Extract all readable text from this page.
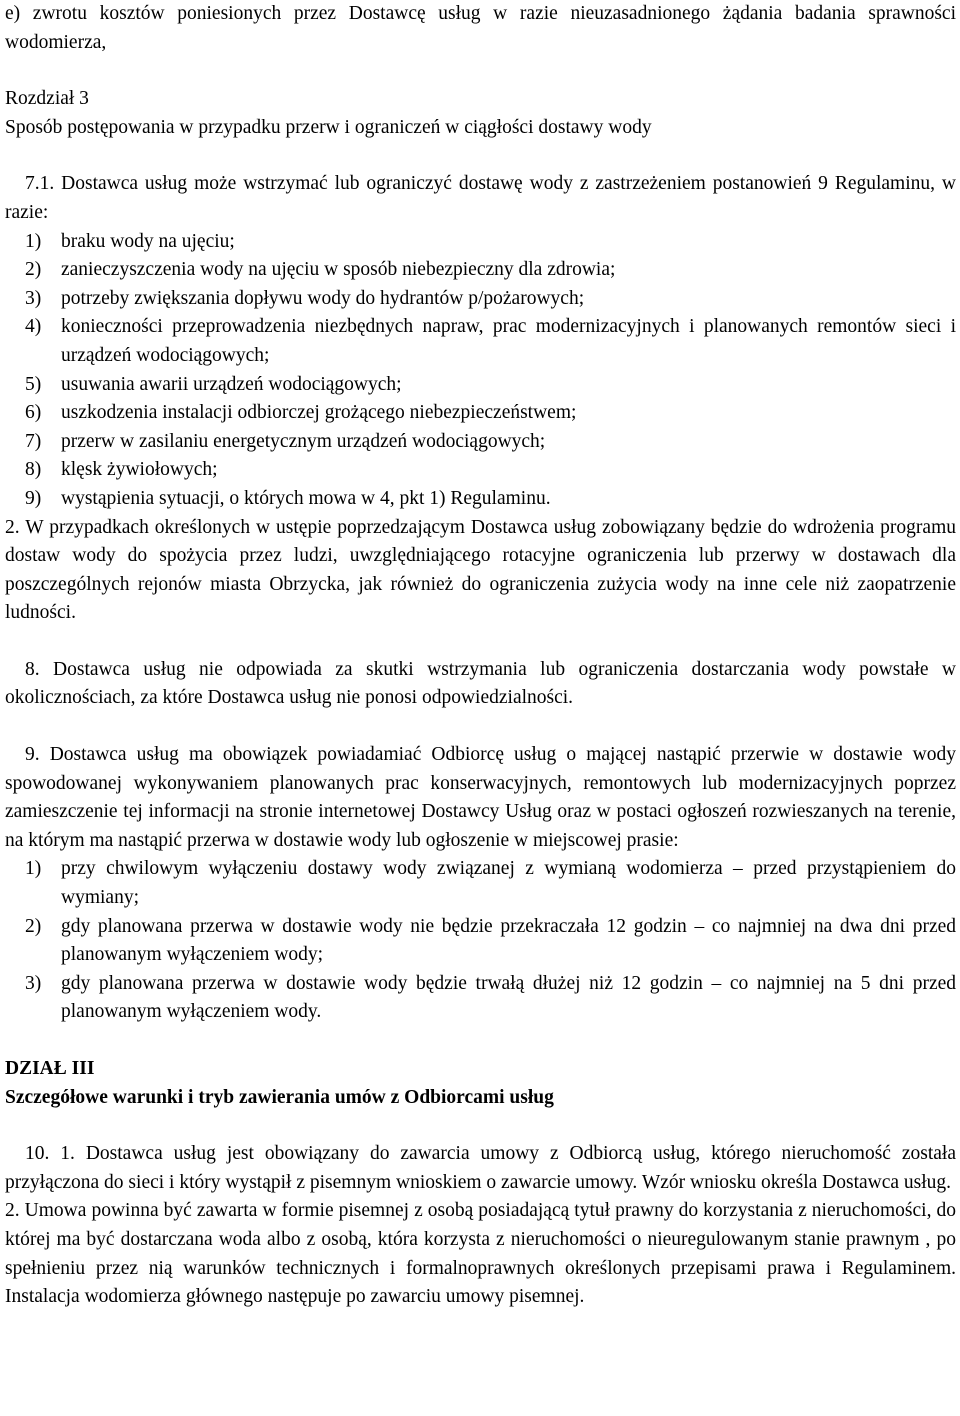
e) zwrotu kosztów poniesionych przez Dostawcę usług w razie nieuzasadnionego żądania badania sprawności wodomierza,

Rozdział 3

Sposób postępowania w przypadku przerw i ograniczeń w ciągłości dostawy wody

7.1. Dostawca usług może wstrzymać lub ograniczyć dostawę wody z zastrzeżeniem postanowień 9 Regulaminu, w razie:

1)	braku wody na ujęciu;
2)	zanieczyszczenia wody na ujęciu w sposób niebezpieczny dla zdrowia;
3)	potrzeby zwiększania dopływu wody do hydrantów p/pożarowych;
4)	konieczności przeprowadzenia niezbędnych napraw, prac modernizacyjnych i planowanych remontów sieci i urządzeń wodociągowych;
5)	usuwania awarii urządzeń wodociągowych;
6)	uszkodzenia instalacji odbiorczej grożącego niebezpieczeństwem;
7)	przerw w zasilaniu energetycznym urządzeń wodociągowych;
8)	klęsk żywiołowych;
9)	wystąpienia sytuacji, o których mowa w 4, pkt 1) Regulaminu.

2. W przypadkach określonych w ustępie poprzedzającym Dostawca usług zobowiązany będzie do wdrożenia programu dostaw wody do spożycia przez ludzi, uwzględniającego rotacyjne ograniczenia lub przerwy w dostawach dla poszczególnych rejonów miasta Obrzycka, jak również do ograniczenia zużycia wody na inne cele niż zaopatrzenie ludności.

8. Dostawca usług nie odpowiada za skutki wstrzymania lub ograniczenia dostarczania wody powstałe w okolicznościach, za które Dostawca usług nie ponosi odpowiedzialności.

9. Dostawca usług ma obowiązek powiadamiać Odbiorcę usług o mającej nastąpić przerwie w dostawie wody spowodowanej wykonywaniem planowanych prac konserwacyjnych, remontowych lub modernizacyjnych poprzez zamieszczenie tej informacji na stronie internetowej Dostawcy Usług oraz w postaci ogłoszeń rozwieszanych na terenie, na którym ma nastąpić przerwa w dostawie wody lub ogłoszenie w miejscowej prasie:

1)	przy chwilowym wyłączeniu dostawy wody związanej z wymianą wodomierza – przed przystąpieniem do wymiany;
2)	gdy planowana przerwa w dostawie wody nie będzie przekraczała 12 godzin – co najmniej na dwa dni przed planowanym wyłączeniem wody;
3)	gdy planowana przerwa w dostawie wody będzie trwałą dłużej niż 12 godzin – co najmniej na 5 dni przed planowanym wyłączeniem wody.

DZIAŁ III

Szczegółowe warunki i tryb zawierania umów z Odbiorcami usług

10. 1. Dostawca usług jest obowiązany do zawarcia umowy z Odbiorcą usług, którego nieruchomość została przyłączona do sieci i który wystąpił z pisemnym wnioskiem o zawarcie umowy. Wzór wniosku określa Dostawca usług.

2. Umowa powinna być zawarta w formie pisemnej z osobą posiadającą tytuł prawny do korzystania z nieruchomości, do której ma być dostarczana woda albo z osobą, która korzysta z nieruchomości o nieuregulowanym stanie prawnym , po spełnieniu przez nią warunków technicznych i formalnoprawnych określonych przepisami prawa i Regulaminem. Instalacja wodomierza głównego następuje po zawarciu umowy pisemnej.
